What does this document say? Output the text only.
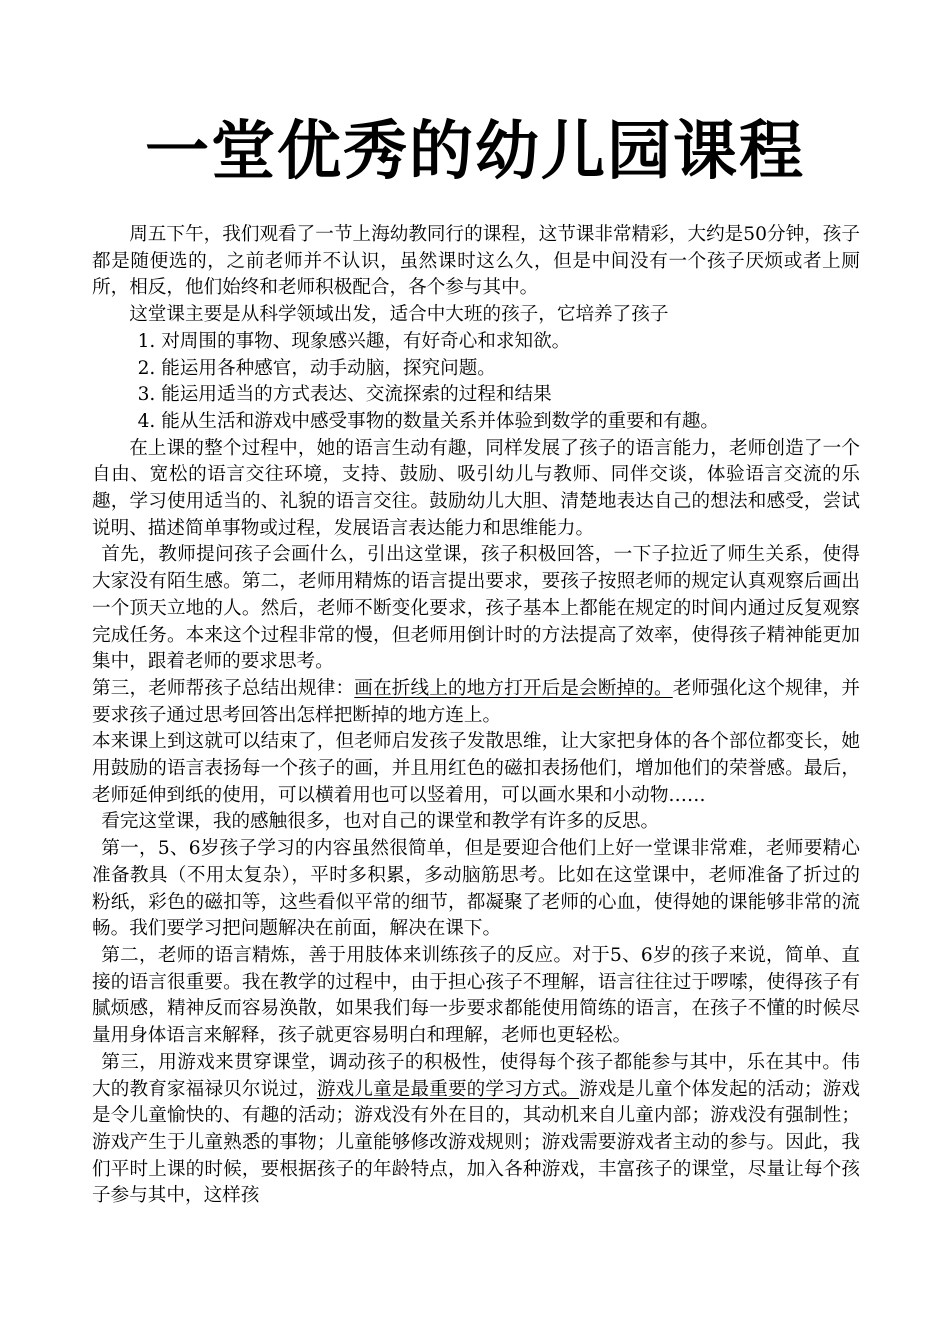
一堂优秀的幼儿园课程

周五下午，我们观看了一节上海幼教同行的课程，这节课非常精彩，大约是50分钟，孩子都是随便选的，之前老师并不认识，虽然课时这么久，但是中间没有一个孩子厌烦或者上厕所，相反，他们始终和老师积极配合，各个参与其中。

这堂课主要是从科学领域出发，适合中大班的孩子，它培养了孩子

1. 对周围的事物、现象感兴趣，有好奇心和求知欲。

2. 能运用各种感官，动手动脑，探究问题。

3. 能运用适当的方式表达、交流探索的过程和结果

4. 能从生活和游戏中感受事物的数量关系并体验到数学的重要和有趣。

在上课的整个过程中，她的语言生动有趣，同样发展了孩子的语言能力，老师创造了一个自由、宽松的语言交往环境，支持、鼓励、吸引幼儿与教师、同伴交谈，体验语言交流的乐趣，学习使用适当的、礼貌的语言交往。鼓励幼儿大胆、清楚地表达自己的想法和感受，尝试说明、描述简单事物或过程，发展语言表达能力和思维能力。

首先，教师提问孩子会画什么，引出这堂课，孩子积极回答，一下子拉近了师生关系，使得大家没有陌生感。第二，老师用精炼的语言提出要求，要孩子按照老师的规定认真观察后画出一个顶天立地的人。然后，老师不断变化要求，孩子基本上都能在规定的时间内通过反复观察完成任务。本来这个过程非常的慢，但老师用倒计时的方法提高了效率，使得孩子精神能更加集中，跟着老师的要求思考。

第三，老师帮孩子总结出规律：画在折线上的地方打开后是会断掉的。老师强化这个规律，并要求孩子通过思考回答出怎样把断掉的地方连上。

本来课上到这就可以结束了，但老师启发孩子发散思维，让大家把身体的各个部位都变长，她用鼓励的语言表扬每一个孩子的画，并且用红色的磁扣表扬他们，增加他们的荣誉感。最后，老师延伸到纸的使用，可以横着用也可以竖着用，可以画水果和小动物……

看完这堂课，我的感触很多，也对自己的课堂和教学有许多的反思。

第一，5、6岁孩子学习的内容虽然很简单，但是要迎合他们上好一堂课非常难，老师要精心准备教具（不用太复杂），平时多积累，多动脑筋思考。比如在这堂课中，老师准备了折过的粉纸，彩色的磁扣等，这些看似平常的细节，都凝聚了老师的心血，使得她的课能够非常的流畅。我们要学习把问题解决在前面，解决在课下。

第二，老师的语言精炼，善于用肢体来训练孩子的反应。对于5、6岁的孩子来说，简单、直接的语言很重要。我在教学的过程中，由于担心孩子不理解，语言往往过于啰嗦，使得孩子有腻烦感，精神反而容易涣散，如果我们每一步要求都能使用简练的语言，在孩子不懂的时候尽量用身体语言来解释，孩子就更容易明白和理解，老师也更轻松。

第三，用游戏来贯穿课堂，调动孩子的积极性，使得每个孩子都能参与其中，乐在其中。伟大的教育家福禄贝尔说过，游戏儿童是最重要的学习方式。游戏是儿童个体发起的活动；游戏是令儿童愉快的、有趣的活动；游戏没有外在目的，其动机来自儿童内部；游戏没有强制性；游戏产生于儿童熟悉的事物；儿童能够修改游戏规则；游戏需要游戏者主动的参与。因此，我们平时上课的时候，要根据孩子的年龄特点，加入各种游戏，丰富孩子的课堂，尽量让每个孩子参与其中，这样孩
